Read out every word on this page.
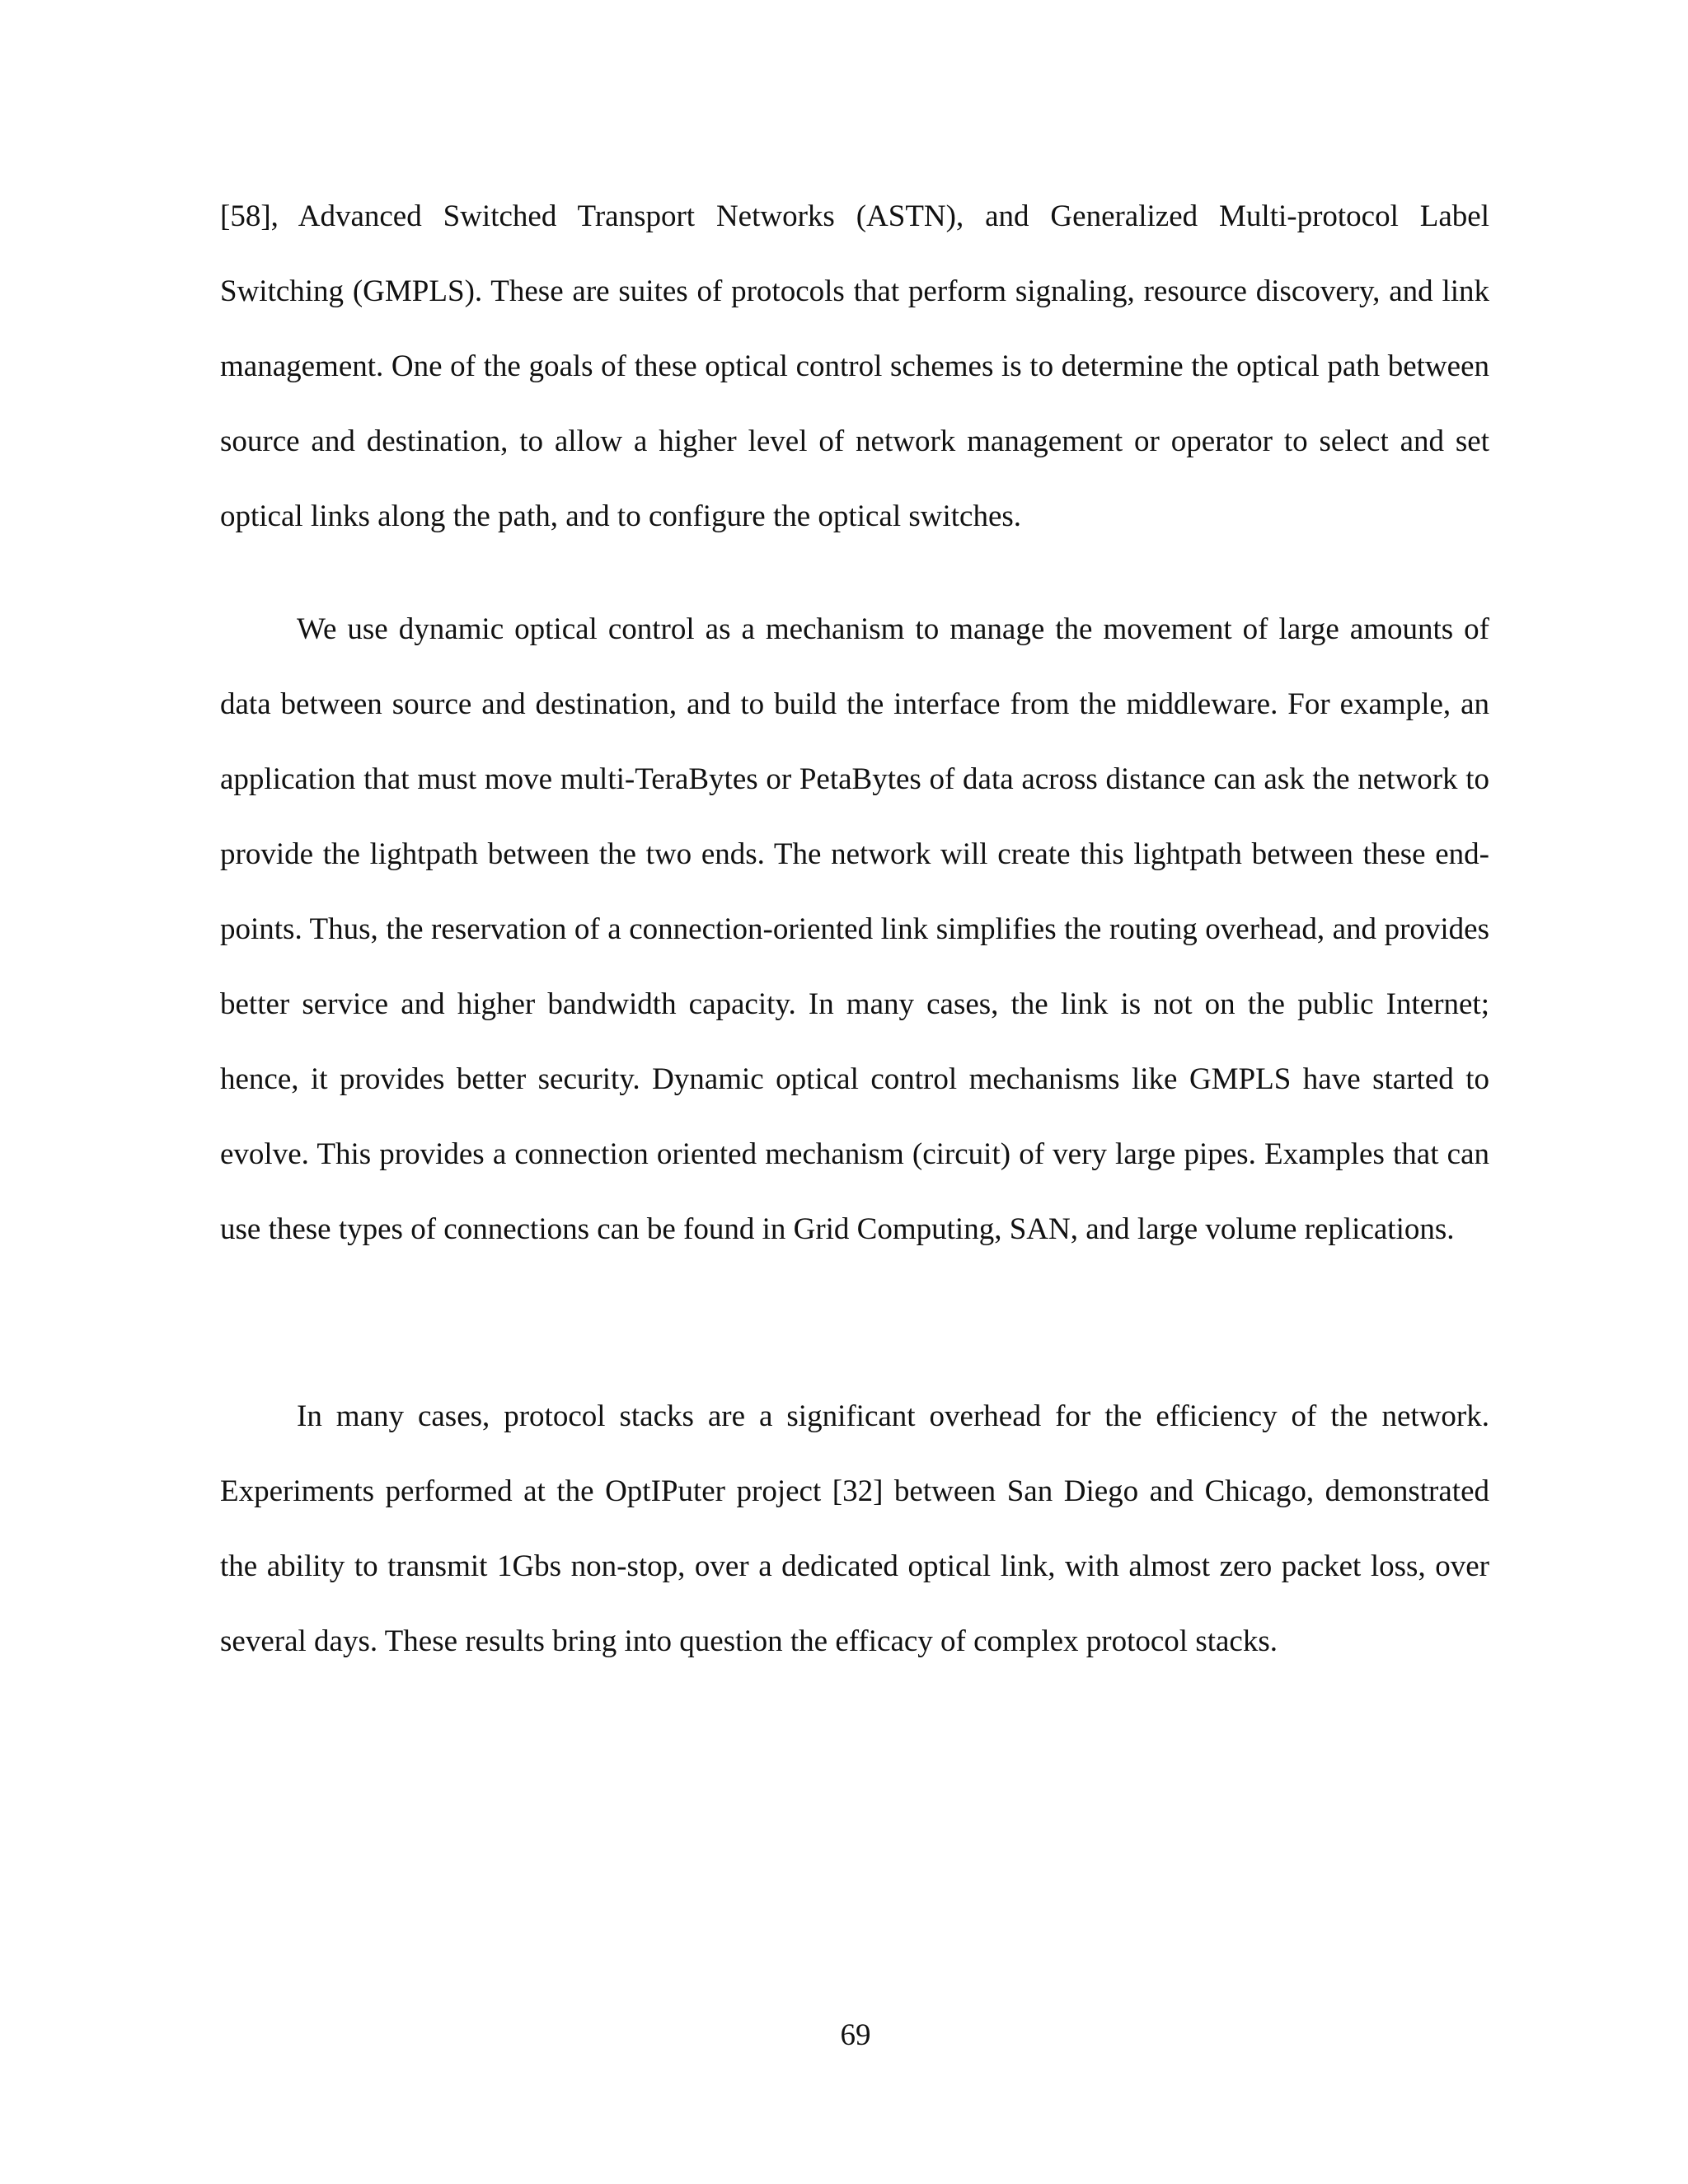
[58], Advanced Switched Transport Networks (ASTN), and Generalized Multi-protocol Label Switching (GMPLS). These are suites of protocols that perform signaling, resource discovery, and link management. One of the goals of these optical control schemes is to determine the optical path between source and destination, to allow a higher level of network management or operator to select and set optical links along the path, and to configure the optical switches.

We use dynamic optical control as a mechanism to manage the movement of large amounts of data between source and destination, and to build the interface from the middleware. For example, an application that must move multi-TeraBytes or PetaBytes of data across distance can ask the network to provide the lightpath between the two ends. The network will create this lightpath between these end-points. Thus, the reservation of a connection-oriented link simplifies the routing overhead, and provides better service and higher bandwidth capacity. In many cases, the link is not on the public Internet; hence, it provides better security. Dynamic optical control mechanisms like GMPLS have started to evolve. This provides a connection oriented mechanism (circuit) of very large pipes. Examples that can use these types of connections can be found in Grid Computing, SAN, and large volume replications.

In many cases, protocol stacks are a significant overhead for the efficiency of the network. Experiments performed at the OptIPuter project [32] between San Diego and Chicago, demonstrated the ability to transmit 1Gbs non-stop, over a dedicated optical link, with almost zero packet loss, over several days. These results bring into question the efficacy of complex protocol stacks.

69
